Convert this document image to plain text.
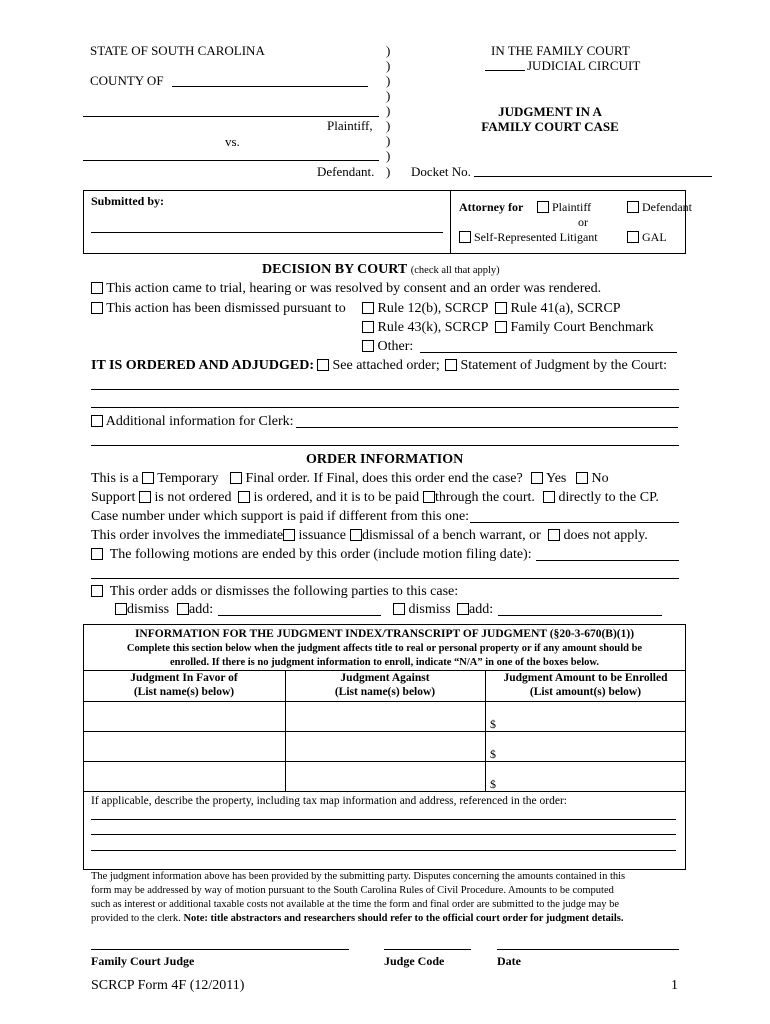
STATE OF SOUTH CAROLINA
COUNTY OF
Plaintiff,
vs.
Defendant.
)
)
)
)
)
)
)
)
)
IN THE FAMILY COURT
JUDICIAL CIRCUIT
JUDGMENT IN A
FAMILY COURT CASE
Docket No.
Submitted by:	Attorney for	Plaintiff	Defendant
or
Self-Represented Litigant	GAL
DECISION BY COURT (check all that apply)
This action came to trial, hearing or was resolved by consent and an order was rendered.
This action has been dismissed pursuant to	Rule 12(b), SCRCP	Rule 41(a), SCRCP
Rule 43(k), SCRCP	Family Court Benchmark
Other:
IT IS ORDERED AND ADJUDGED:	See attached order;	Statement of Judgment by the Court:
Additional information for Clerk:
ORDER INFORMATION
This is a	Temporary	Final order. If Final, does this order end the case?	Yes	No
Support	is not ordered	is ordered, and it is to be paid	through the court.	directly to the CP.
Case number under which support is paid if different from this one:
This order involves the immediate	issuance	dismissal of a bench warrant, or	does not apply.
The following motions are ended by this order (include motion filing date):
This order adds or dismisses the following parties to this case:
dismiss	add:	dismiss	add:
INFORMATION FOR THE JUDGMENT INDEX/TRANSCRIPT OF JUDGMENT (§20-3-670(B)(1))
Complete this section below when the judgment affects title to real or personal property or if any amount should be
enrolled. If there is no judgment information to enroll, indicate “N/A” in one of the boxes below.
Judgment In Favor of
(List name(s) below)
Judgment Against
(List name(s) below)
Judgment Amount to be Enrolled
(List amount(s) below)
$
$
$
If applicable, describe the property, including tax map information and address, referenced in the order:
The judgment information above has been provided by the submitting party. Disputes concerning the amounts contained in this
form may be addressed by way of motion pursuant to the South Carolina Rules of Civil Procedure. Amounts to be computed
such as interest or additional taxable costs not available at the time the form and final order are submitted to the judge may be
provided to the clerk. Note: title abstractors and researchers should refer to the official court order for judgment details.
Family Court Judge	Judge Code	Date
SCRCP Form 4F (12/2011)	1
